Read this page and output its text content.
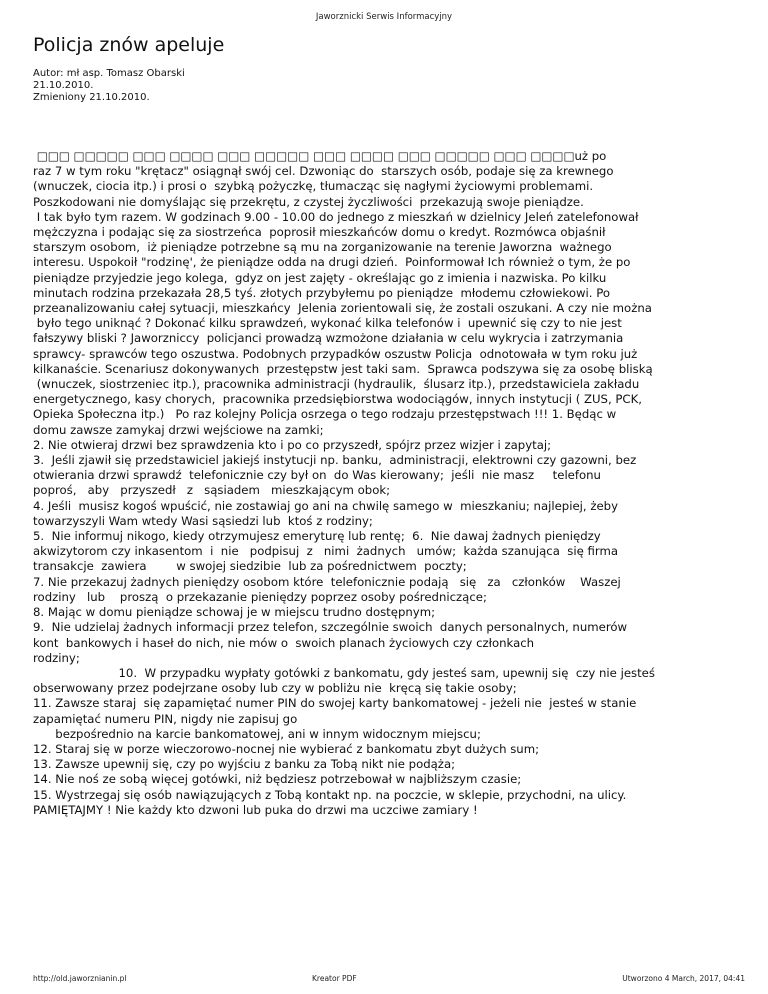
Jaworznicki Serwis Informacyjny
Policja znów apeluje
Autor: mł asp. Tomasz Obarski
21.10.2010.
Zmieniony 21.10.2010.
□□□ □□□□□ □□□ □□□□ □□□ □□□□□ □□□ □□□□ □□□ □□□□□ □□□ □□□□uż po
raz 7 w tym roku "krętacz" osiągnął swój cel. Dzwoniąc do  starszych osób, podaje się za krewnego
(wnuczek, ciocia itp.) i prosi o  szybką pożyczkę, tłumacząc się nagłymi życiowymi problemami.
Poszkodowani nie domyślając się przekrętu, z czystej życzliwości  przekazują swoje pieniądze.
I tak było tym razem. W godzinach 9.00 - 10.00 do jednego z mieszkań w dzielnicy Jeleń zatelefonował
mężczyzna i podając się za siostrzeńca  poprosił mieszkańców domu o kredyt. Rozmówca objaśnił
starszym osobom,  iż pieniądze potrzebne są mu na zorganizowanie na terenie Jaworzna  ważnego
interesu. Uspokoił "rodzinę', że pieniądze odda na drugi dzień.  Poinformował Ich również o tym, że po
pieniądze przyjedzie jego kolega,  gdyz on jest zajęty - określając go z imienia i nazwiska. Po kilku
minutach rodzina przekazała 28,5 tyś. złotych przybyłemu po pieniądze  młodemu człowiekowi. Po
przeanalizowaniu całej sytuacji, mieszkańcy  Jelenia zorientowali się, że zostali oszukani. A czy nie można
było tego uniknąć ? Dokonać kilku sprawdzeń, wykonać kilka telefonów i  upewnić się czy to nie jest
fałszywy bliski ? Jaworzniccy  policjanci prowadzą wzmożone działania w celu wykrycia i zatrzymania
sprawcy- sprawców tego oszustwa. Podobnych przypadków oszustw Policja  odnotowała w tym roku już
kilkanaście. Scenariusz dokonywanych  przestępstw jest taki sam.  Sprawca podszywa się za osobę bliską
(wnuczek, siostrzeniec itp.), pracownika administracji (hydraulik,  ślusarz itp.), przedstawiciela zakładu
energetycznego, kasy chorych,  pracownika przedsiębiorstwa wodociągów, innych instytucji ( ZUS, PCK,
Opieka Społeczna itp.)   Po raz kolejny Policja osrzega o tego rodzaju przestępstwach !!! 1. Będąc w
domu zawsze zamykaj drzwi wejściowe na zamki;
2. Nie otwieraj drzwi bez sprawdzenia kto i po co przyszedł, spójrz przez wizjer i zapytaj;
3.  Jeśli zjawił się przedstawiciel jakiejś instytucji np. banku,  administracji, elektrowni czy gazowni, bez
otwierania drzwi sprawdź  telefonicznie czy był on  do Was kierowany;  jeśli  nie masz     telefonu
poproś,   aby   przyszedł   z   sąsiadem   mieszkającym obok;
4. Jeśli  musisz kogoś wpuścić, nie zostawiaj go ani na chwilę samego w  mieszkaniu; najlepiej, żeby
towarzyszyli Wam wtedy Wasi sąsiedzi lub  ktoś z rodziny;
5.  Nie informuj nikogo, kiedy otrzymujesz emeryturę lub rentę;  6.  Nie dawaj żadnych pieniędzy
akwizytorom czy inkasentom  i  nie   podpisuj  z   nimi  żadnych   umów;  każda szanująca  się firma
transakcje  zawiera        w swojej siedzibie  lub za pośrednictwem  poczty;
7. Nie przekazuj żadnych pieniędzy osobom które  telefonicznie podają   się   za   członków    Waszej
rodziny   lub    proszą  o przekazanie pieniędzy poprzez osoby pośredniczące;
8. Mając w domu pieniądze schowaj je w miejscu trudno dostępnym;
9.  Nie udzielaj żadnych informacji przez telefon, szczególnie swoich  danych personalnych, numerów
kont  bankowych i haseł do nich, nie mów o  swoich planach życiowych czy członkach
rodziny;
10.  W przypadku wypłaty gotówki z bankomatu, gdy jesteś sam, upewnij się  czy nie jesteś
obserwowany przez podejrzane osoby lub czy w pobliżu nie  kręcą się takie osoby;
11. Zawsze staraj  się zapamiętać numer PIN do swojej karty bankomatowej - jeżeli nie  jesteś w stanie
zapamiętać numeru PIN, nigdy nie zapisuj go
bezpośrednio na karcie bankomatowej, ani w innym widocznym miejscu;
12. Staraj się w porze wieczorowo-nocnej nie wybierać z bankomatu zbyt dużych sum;
13. Zawsze upewnij się, czy po wyjściu z banku za Tobą nikt nie podąża;
14. Nie noś ze sobą więcej gotówki, niż będziesz potrzebował w najbliższym czasie;
15. Wystrzegaj się osób nawiązujących z Tobą kontakt np. na poczcie, w sklepie, przychodni, na ulicy.
PAMIĘTAJMY ! Nie każdy kto dzwoni lub puka do drzwi ma uczciwe zamiary !
http://old.jaworznianin.pl	Kreator PDF	Utworzono 4 March, 2017, 04:41
